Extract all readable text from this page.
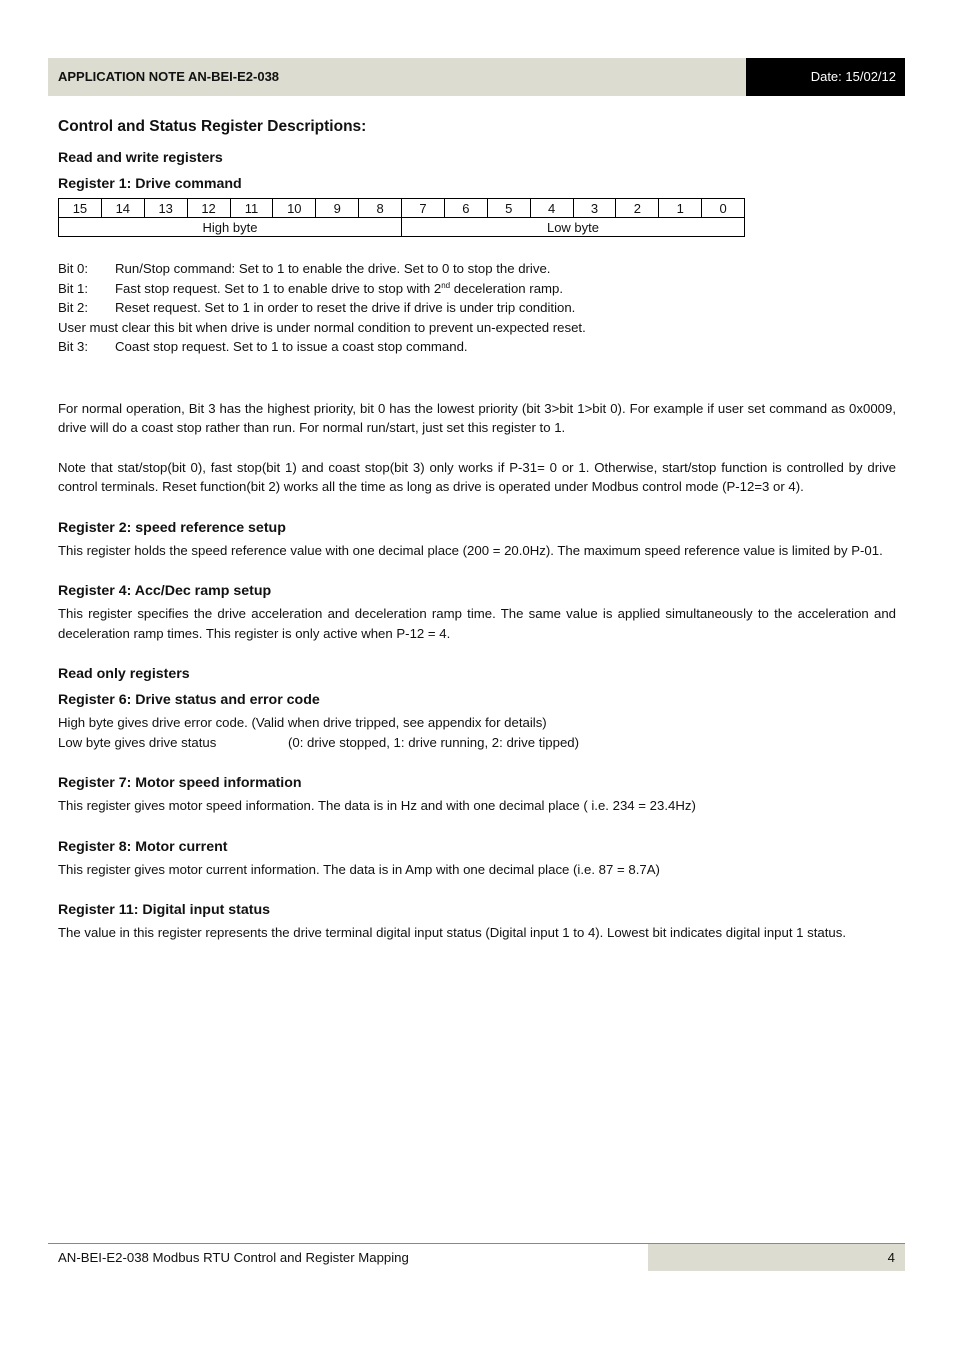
APPLICATION NOTE AN-BEI-E2-038	Date: 15/02/12
Control and Status Register Descriptions:
Read and write registers
Register 1: Drive command
15	14	13	12	11	10	9	8	7	6	5	4	3	2	1	0
High byte								Low byte							
Bit 0: Run/Stop command: Set to 1 to enable the drive. Set to 0 to stop the drive.
Bit 1: Fast stop request. Set to 1 to enable drive to stop with 2nd deceleration ramp.
Bit 2: Reset request. Set to 1 in order to reset the drive if drive is under trip condition.
User must clear this bit when drive is under normal condition to prevent un-expected reset.
Bit 3: Coast stop request. Set to 1 to issue a coast stop command.

For normal operation, Bit 3 has the highest priority, bit 0 has the lowest priority (bit 3>bit 1>bit 0). For example if user set command as 0x0009, drive will do a coast stop rather than run. For normal run/start, just set this register to 1.

Note that stat/stop(bit 0), fast stop(bit 1) and coast stop(bit 3) only works if P-31= 0 or 1. Otherwise, start/stop function is controlled by drive control terminals. Reset function(bit 2) works all the time as long as drive is operated under Modbus control mode (P-12=3 or 4).

Register 2: speed reference setup

This register holds the speed reference value with one decimal place (200 = 20.0Hz). The maximum speed reference value is limited by P-01.

Register 4: Acc/Dec ramp setup

This register specifies the drive acceleration and deceleration ramp time. The same value is applied simultaneously to the acceleration and deceleration ramp times. This register is only active when P-12 = 4.

Read only registers
Register 6: Drive status and error code

High byte gives drive error code. (Valid when drive tripped, see appendix for details)

Low byte gives drive status	(0: drive stopped, 1: drive running, 2: drive tipped)

Register 7: Motor speed information

This register gives motor speed information. The data is in Hz and with one decimal place ( i.e. 234 = 23.4Hz)

Register 8: Motor current

This register gives motor current information. The data is in Amp with one decimal place (i.e. 87 = 8.7A)

Register 11: Digital input status

The value in this register represents the drive terminal digital input status (Digital input 1 to 4). Lowest bit indicates digital input 1 status.

AN-BEI-E2-038 Modbus RTU Control and Register Mapping	4
